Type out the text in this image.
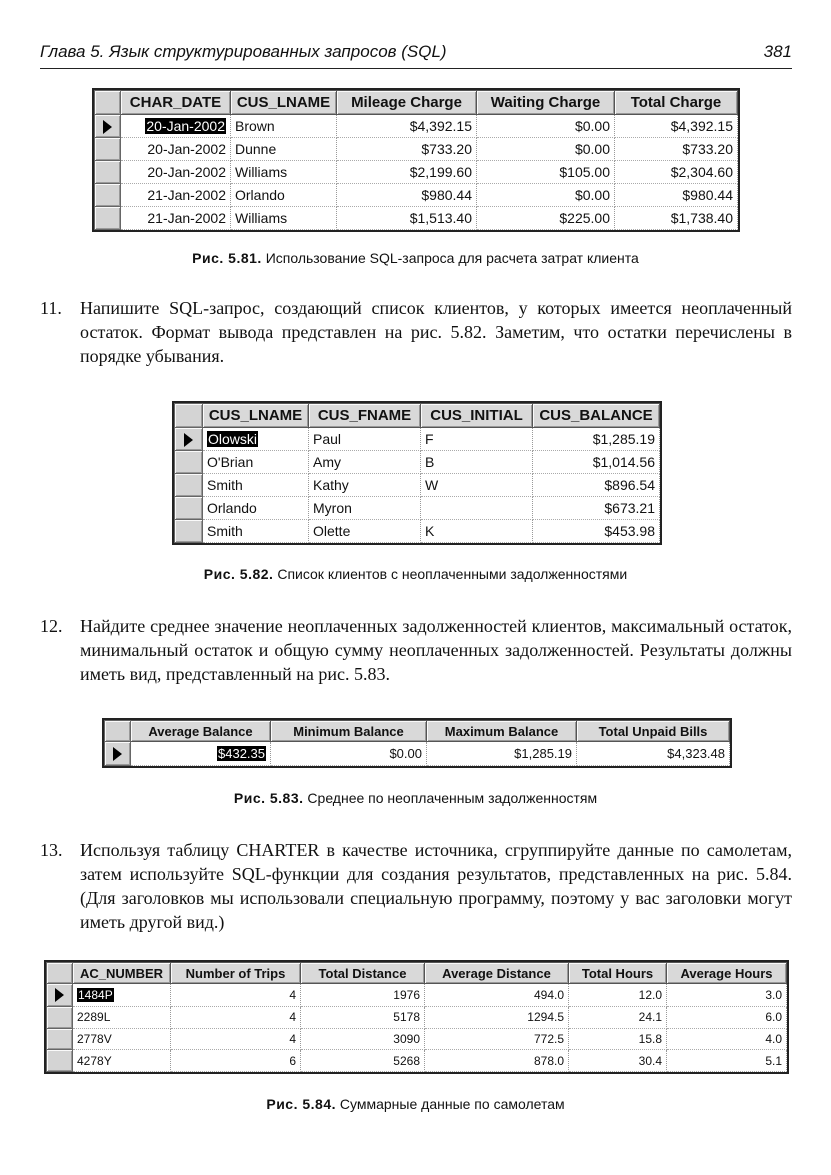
Глава 5. Язык структурированных запросов (SQL)	381
	CHAR_DATE	CUS_LNAME	Mileage Charge	Waiting Charge	Total Charge
	20-Jan-2002	Brown	$4,392.15	$0.00	$4,392.15
	20-Jan-2002	Dunne	$733.20	$0.00	$733.20
	20-Jan-2002	Williams	$2,199.60	$105.00	$2,304.60
	21-Jan-2002	Orlando	$980.44	$0.00	$980.44
	21-Jan-2002	Williams	$1,513.40	$225.00	$1,738.40
Рис. 5.81. Использование SQL-запроса для расчета затрат клиента
11. Напишите SQL-запрос, создающий список клиентов, у которых имеется неоплаченный остаток. Формат вывода представлен на рис. 5.82. Заметим, что остатки перечислены в порядке убывания.
	CUS_LNAME	CUS_FNAME	CUS_INITIAL	CUS_BALANCE
	Olowski	Paul	F	$1,285.19
	O'Brian	Amy	B	$1,014.56
	Smith	Kathy	W	$896.54
	Orlando	Myron		$673.21
	Smith	Olette	K	$453.98
Рис. 5.82. Список клиентов с неоплаченными задолженностями
12. Найдите среднее значение неоплаченных задолженностей клиентов, максимальный остаток, минимальный остаток и общую сумму неоплаченных задолженностей. Результаты должны иметь вид, представленный на рис. 5.83.
	Average Balance	Minimum Balance	Maximum Balance	Total Unpaid Bills
	$432.35	$0.00	$1,285.19	$4,323.48
Рис. 5.83. Среднее по неоплаченным задолженностям
13. Используя таблицу CHARTER в качестве источника, сгруппируйте данные по самолетам, затем используйте SQL-функции для создания результатов, представленных на рис. 5.84. (Для заголовков мы использовали специальную программу, поэтому у вас заголовки могут иметь другой вид.)
	AC_NUMBER	Number of Trips	Total Distance	Average Distance	Total Hours	Average Hours
	1484P	4	1976	494.0	12.0	3.0
	2289L	4	5178	1294.5	24.1	6.0
	2778V	4	3090	772.5	15.8	4.0
	4278Y	6	5268	878.0	30.4	5.1
Рис. 5.84. Суммарные данные по самолетам
